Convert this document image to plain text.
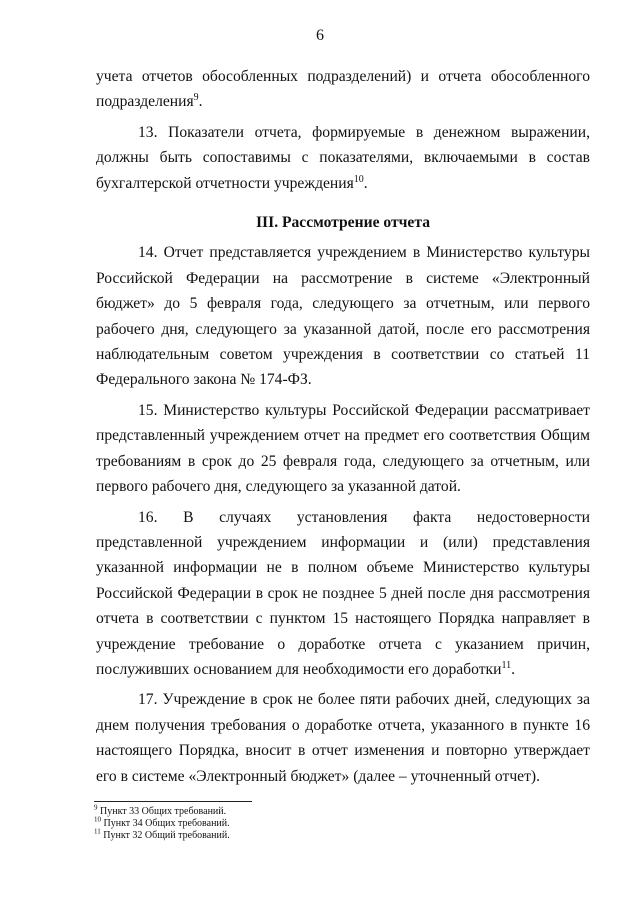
6

учета отчетов обособленных подразделений) и отчета обособленного подразделения$^9$.

13. Показатели отчета, формируемые в денежном выражении, должны быть сопоставимы с показателями, включаемыми в состав бухгалтерской отчетности учреждения$^{10}$.

III. Рассмотрение отчета

14. Отчет представляется учреждением в Министерство культуры Российской Федерации на рассмотрение в системе «Электронный бюджет» до 5 февраля года, следующего за отчетным, или первого рабочего дня, следующего за указанной датой, после его рассмотрения наблюдательным советом учреждения в соответствии со статьей 11 Федерального закона № 174-ФЗ.

15. Министерство культуры Российской Федерации рассматривает представленный учреждением отчет на предмет его соответствия Общим требованиям в срок до 25 февраля года, следующего за отчетным, или первого рабочего дня, следующего за указанной датой.

16. В случаях установления факта недостоверности представленной учреждением информации и (или) представления указанной информации не в полном объеме Министерство культуры Российской Федерации в срок не позднее 5 дней после дня рассмотрения отчета в соответствии с пунктом 15 настоящего Порядка направляет в учреждение требование о доработке отчета с указанием причин, послуживших основанием для необходимости его доработки$^{11}$.

17. Учреждение в срок не более пяти рабочих дней, следующих за днем получения требования о доработке отчета, указанного в пункте 16 настоящего Порядка, вносит в отчет изменения и повторно утверждает его в системе «Электронный бюджет» (далее – уточненный отчет).

$^9$ Пункт 33 Общих требований.
$^{10}$ Пункт 34 Общих требований.
$^{11}$ Пункт 32 Общий требований.
